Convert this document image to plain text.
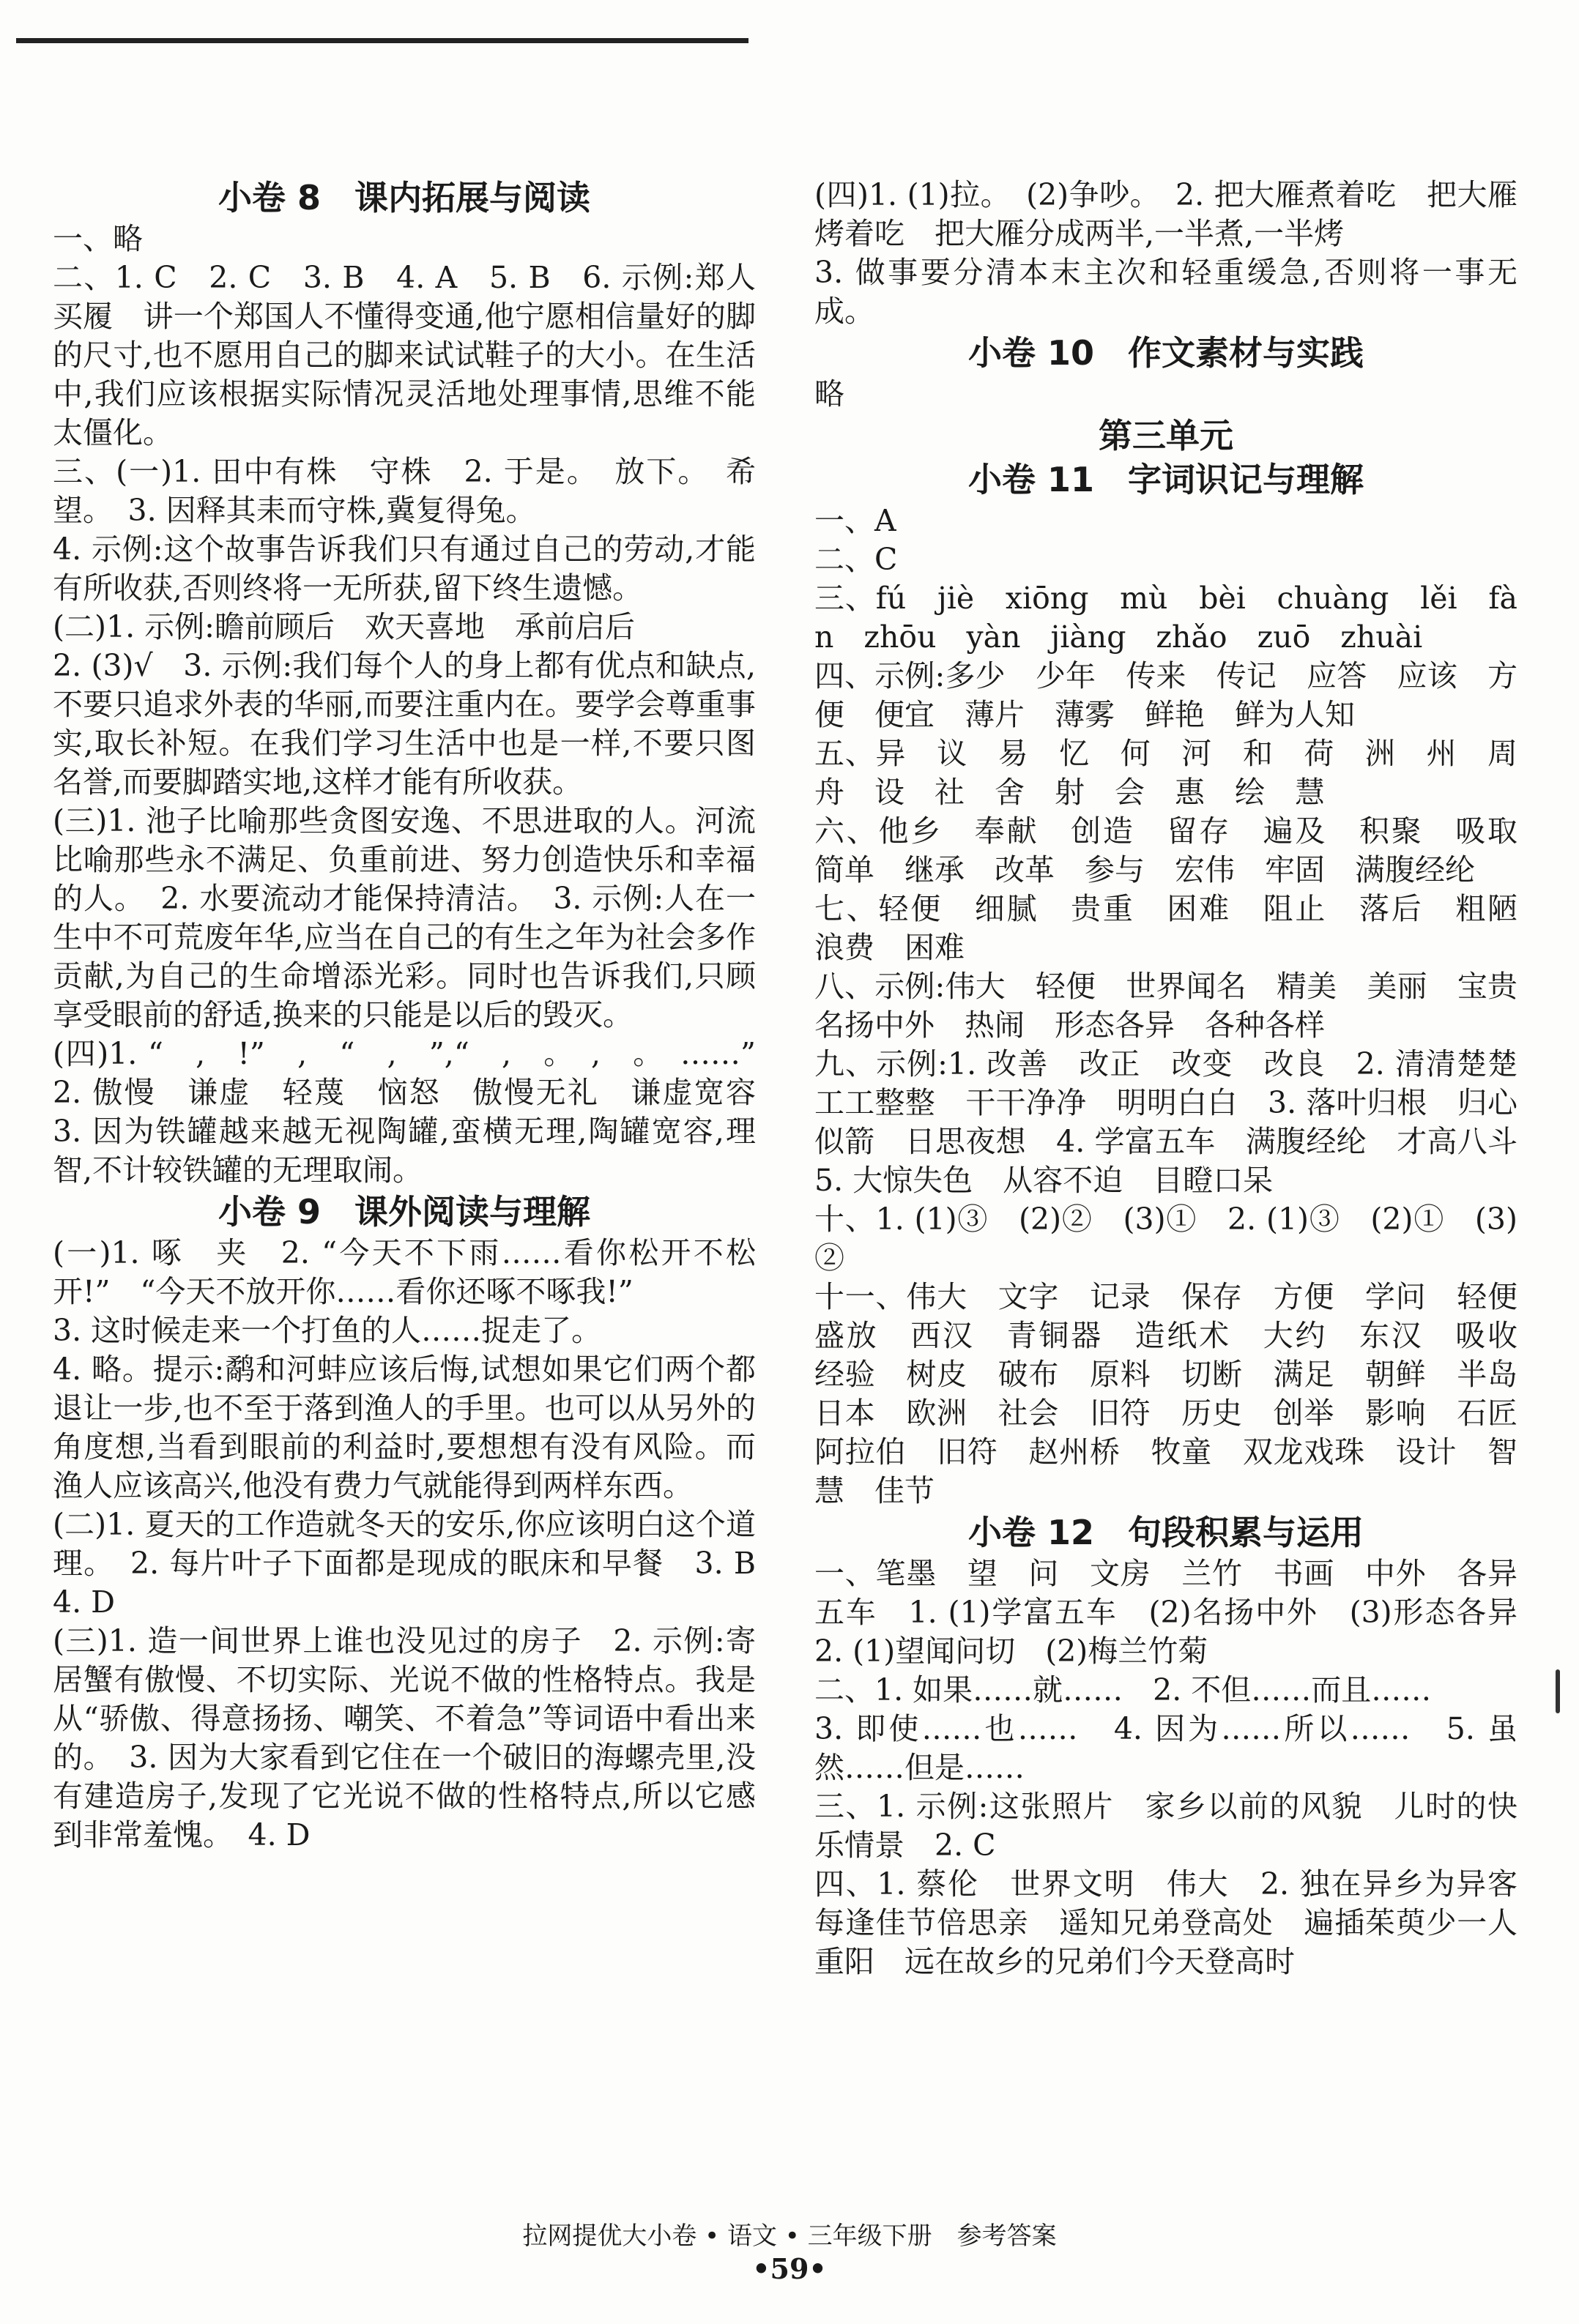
小卷 8　课内拓展与阅读

一、略

二、1. C　2. C　3. B　4. A　5. B　6. 示例:郑人买履　讲一个郑国人不懂得变通,他宁愿相信量好的脚的尺寸,也不愿用自己的脚来试试鞋子的大小。在生活中,我们应该根据实际情况灵活地处理事情,思维不能太僵化。

三、(一)1. 田中有株　守株　2. 于是。　放下。　希望。　3. 因释其耒而守株,冀复得兔。

4. 示例:这个故事告诉我们只有通过自己的劳动,才能有所收获,否则终将一无所获,留下终生遗憾。

(二)1. 示例:瞻前顾后　欢天喜地　承前启后

2. (3)√　3. 示例:我们每个人的身上都有优点和缺点,不要只追求外表的华丽,而要注重内在。要学会尊重事实,取长补短。在我们学习生活中也是一样,不要只图名誉,而要脚踏实地,这样才能有所收获。

(三)1. 池子比喻那些贪图安逸、不思进取的人。河流比喻那些永不满足、负重前进、努力创造快乐和幸福的人。　2. 水要流动才能保持清洁。　3. 示例:人在一生中不可荒废年华,应当在自己的有生之年为社会多作贡献,为自己的生命增添光彩。同时也告诉我们,只顾享受眼前的舒适,换来的只能是以后的毁灭。

(四)1. “　,　!”　,　“　,　”,“　,　。　,　。　……”　2. 傲慢　谦虚　轻蔑　恼怒　傲慢无礼　谦虚宽容　3. 因为铁罐越来越无视陶罐,蛮横无理,陶罐宽容,理智,不计较铁罐的无理取闹。

小卷 9　课外阅读与理解

(一)1. 啄　夹　2. “今天不下雨……看你松开不松开!”　“今天不放开你……看你还啄不啄我!”

3. 这时候走来一个打鱼的人……捉走了。

4. 略。提示:鹬和河蚌应该后悔,试想如果它们两个都退让一步,也不至于落到渔人的手里。也可以从另外的角度想,当看到眼前的利益时,要想想有没有风险。而渔人应该高兴,他没有费力气就能得到两样东西。

(二)1. 夏天的工作造就冬天的安乐,你应该明白这个道理。　2. 每片叶子下面都是现成的眠床和早餐　3. B　4. D

(三)1. 造一间世界上谁也没见过的房子　2. 示例:寄居蟹有傲慢、不切实际、光说不做的性格特点。我是从“骄傲、得意扬扬、嘲笑、不着急”等词语中看出来的。　3. 因为大家看到它住在一个破旧的海螺壳里,没有建造房子,发现了它光说不做的性格特点,所以它感到非常羞愧。　4. D

(四)1. (1)拉。　(2)争吵。　2. 把大雁煮着吃　把大雁烤着吃　把大雁分成两半,一半煮,一半烤

3. 做事要分清本末主次和轻重缓急,否则将一事无成。

小卷 10　作文素材与实践

略

第三单元
小卷 11　字词识记与理解

一、A

二、C

三、fú　jiè　xiōng　mù　bèi　chuàng　lěi　fàn　zhōu　yàn　jiàng　zhǎo　zuō　zhuài

四、示例:多少　少年　传来　传记　应答　应该　方便　便宜　薄片　薄雾　鲜艳　鲜为人知

五、异　议　易　忆　何　河　和　荷　洲　州　周　舟　设　社　舍　射　会　惠　绘　慧

六、他乡　奉献　创造　留存　遍及　积聚　吸取　简单　继承　改革　参与　宏伟　牢固　满腹经纶

七、轻便　细腻　贵重　困难　阻止　落后　粗陋　浪费　困难

八、示例:伟大　轻便　世界闻名　精美　美丽　宝贵　名扬中外　热闹　形态各异　各种各样

九、示例:1. 改善　改正　改变　改良　2. 清清楚楚　工工整整　干干净净　明明白白　3. 落叶归根　归心似箭　日思夜想　4. 学富五车　满腹经纶　才高八斗　5. 大惊失色　从容不迫　目瞪口呆

十、1. (1)③　(2)②　(3)①　2. (1)③　(2)①　(3)②

十一、伟大　文字　记录　保存　方便　学问　轻便　盛放　西汉　青铜器　造纸术　大约　东汉　吸收　经验　树皮　破布　原料　切断　满足　朝鲜　半岛　日本　欧洲　社会　旧符　历史　创举　影响　石匠　阿拉伯　旧符　赵州桥　牧童　双龙戏珠　设计　智慧　佳节

小卷 12　句段积累与运用

一、笔墨　望　问　文房　兰竹　书画　中外　各异　五车　1. (1)学富五车　(2)名扬中外　(3)形态各异　2. (1)望闻问切　(2)梅兰竹菊

二、1. 如果……就……　2. 不但……而且……

3. 即使……也……　4. 因为……所以……　5. 虽然……但是……

三、1. 示例:这张照片　家乡以前的风貌　儿时的快乐情景　2. C

四、1. 蔡伦　世界文明　伟大　2. 独在异乡为异客　每逢佳节倍思亲　遥知兄弟登高处　遍插茱萸少一人　重阳　远在故乡的兄弟们今天登高时

拉网提优大小卷 • 语文 • 三年级下册　参考答案
•59•
